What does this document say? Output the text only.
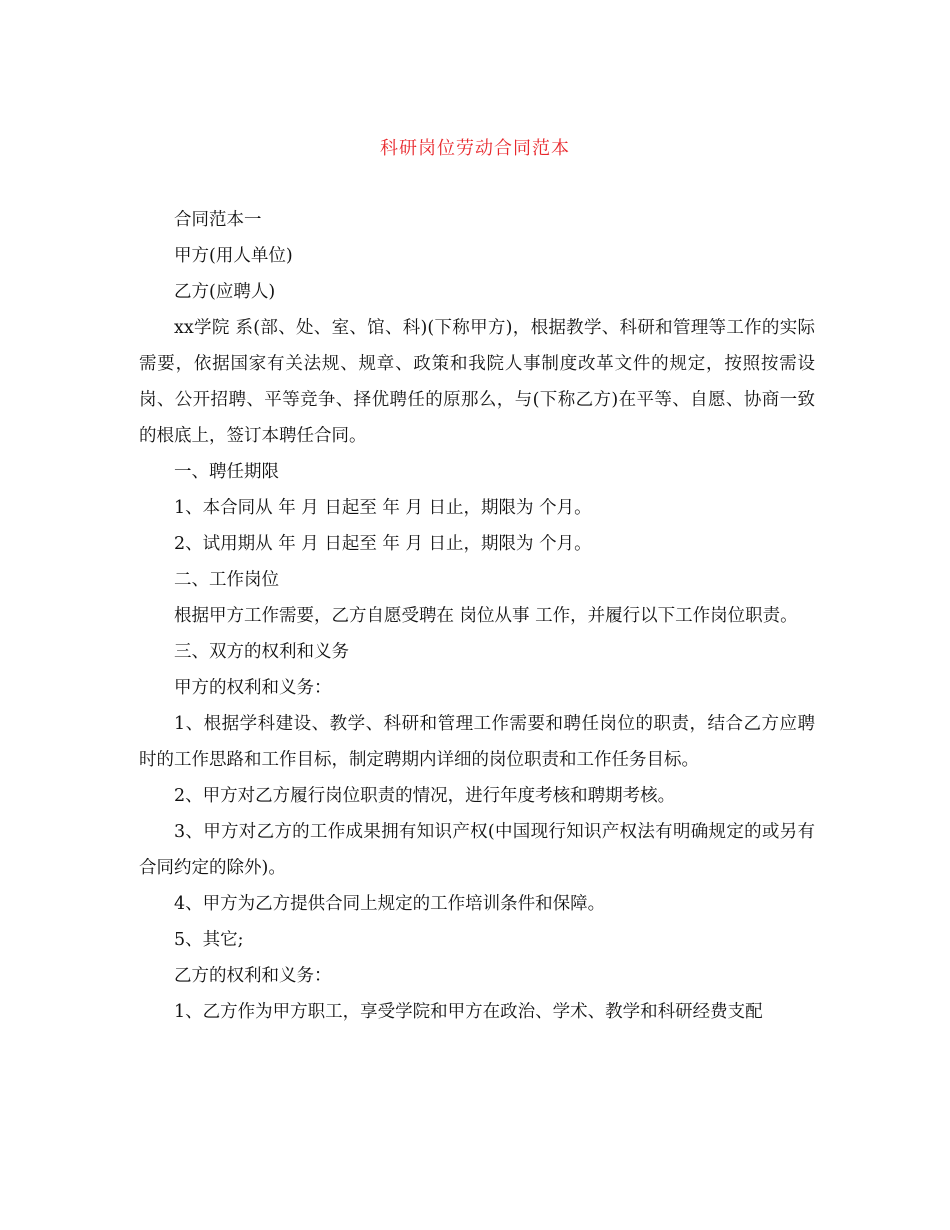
科研岗位劳动合同范本

合同范本一

甲方(用人单位)

乙方(应聘人)

xx学院 系(部、处、室、馆、科)(下称甲方)，根据教学、科研和管理等工作的实际需要，依据国家有关法规、规章、政策和我院人事制度改革文件的规定，按照按需设岗、公开招聘、平等竞争、择优聘任的原那么，与(下称乙方)在平等、自愿、协商一致的根底上，签订本聘任合同。

一、聘任期限

1、本合同从 年 月 日起至 年 月 日止，期限为 个月。

2、试用期从 年 月 日起至 年 月 日止，期限为 个月。

二、工作岗位

根据甲方工作需要，乙方自愿受聘在 岗位从事 工作，并履行以下工作岗位职责。

三、双方的权利和义务

甲方的权利和义务：

1、根据学科建设、教学、科研和管理工作需要和聘任岗位的职责，结合乙方应聘时的工作思路和工作目标，制定聘期内详细的岗位职责和工作任务目标。

2、甲方对乙方履行岗位职责的情况，进行年度考核和聘期考核。

3、甲方对乙方的工作成果拥有知识产权(中国现行知识产权法有明确规定的或另有合同约定的除外)。

4、甲方为乙方提供合同上规定的工作培训条件和保障。

5、其它;

乙方的权利和义务：

1、乙方作为甲方职工，享受学院和甲方在政治、学术、教学和科研经费支配
